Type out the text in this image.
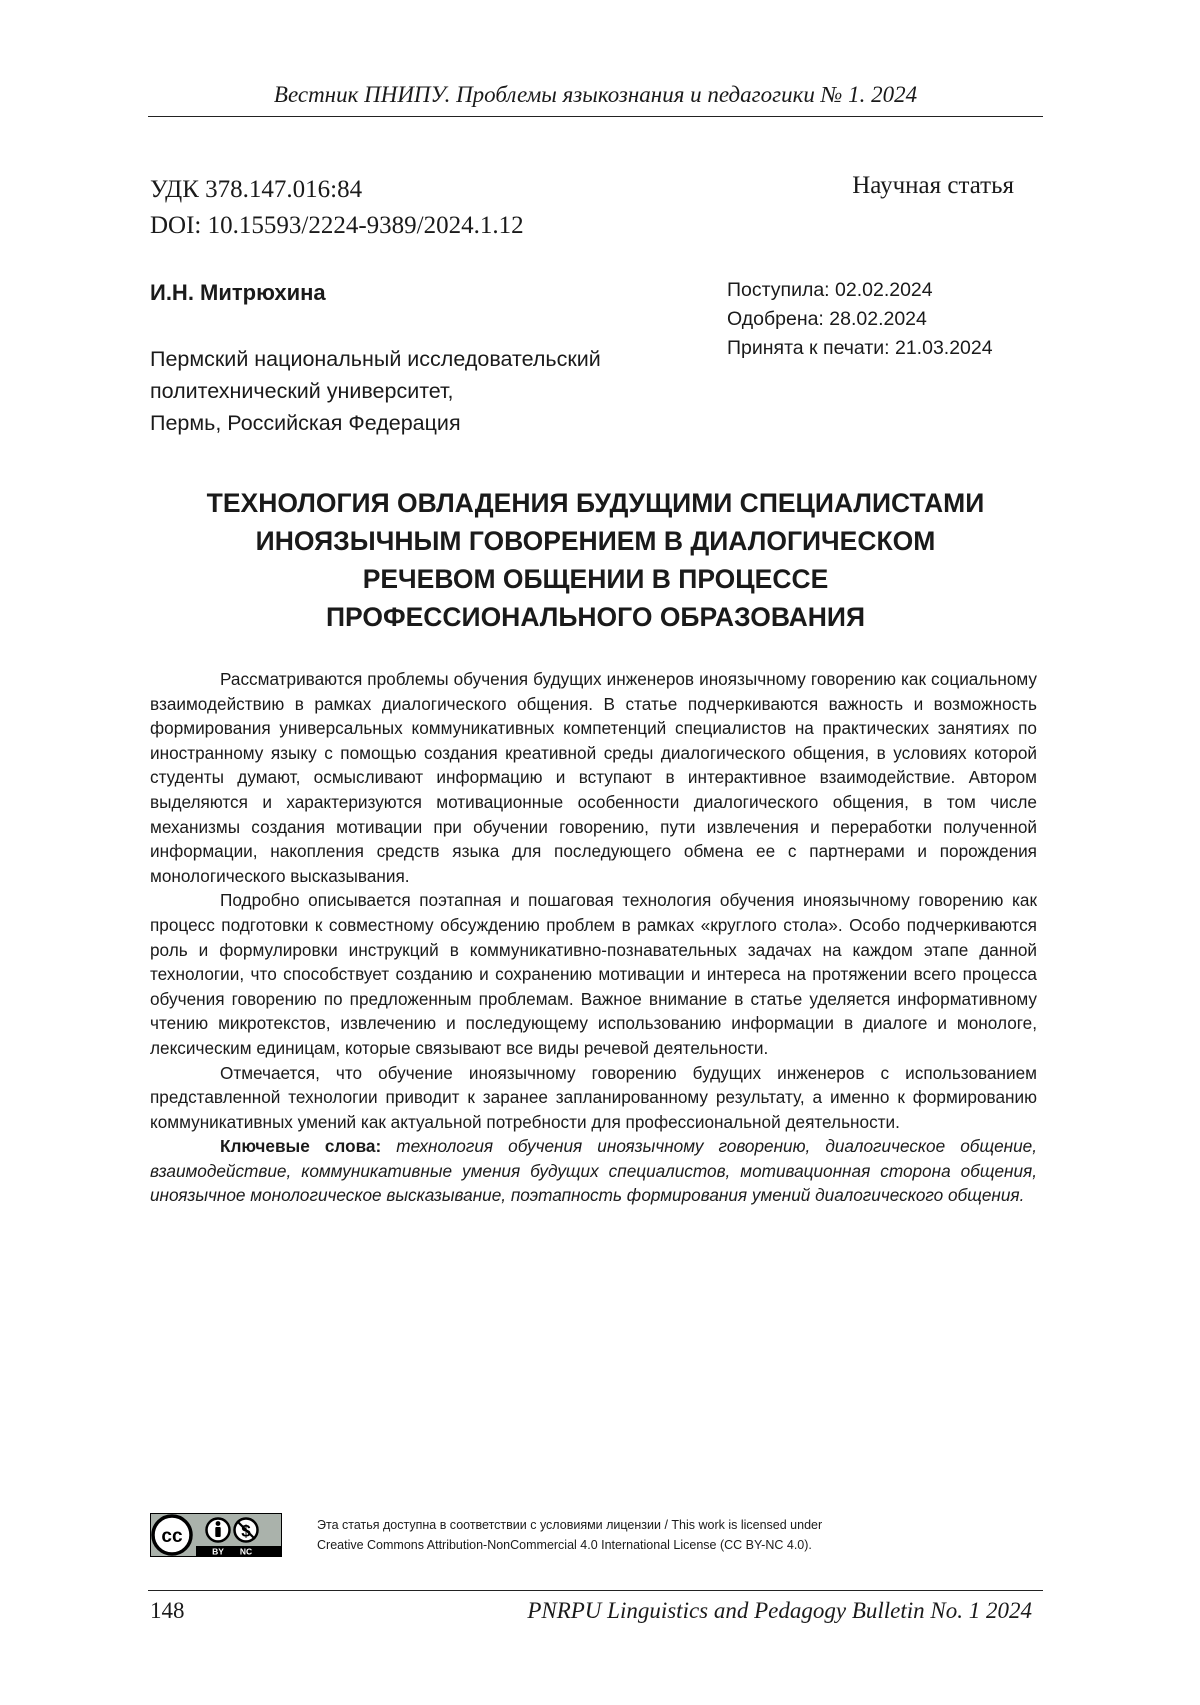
Вестник ПНИПУ. Проблемы языкознания и педагогики № 1. 2024
УДК 378.147.016:84
DOI: 10.15593/2224-9389/2024.1.12
Научная статья
И.Н. Митрюхина
Пермский национальный исследовательский
политехнический университет,
Пермь, Российская Федерация
Поступила: 02.02.2024
Одобрена: 28.02.2024
Принята к печати: 21.03.2024
ТЕХНОЛОГИЯ ОВЛАДЕНИЯ БУДУЩИМИ СПЕЦИАЛИСТАМИ
ИНОЯЗЫЧНЫМ ГОВОРЕНИЕМ В ДИАЛОГИЧЕСКОМ
РЕЧЕВОМ ОБЩЕНИИ В ПРОЦЕССЕ
ПРОФЕССИОНАЛЬНОГО ОБРАЗОВАНИЯ

Рассматриваются проблемы обучения будущих инженеров иноязычному говорению как социальному взаимодействию в рамках диалогического общения. В статье подчеркиваются важность и возможность формирования универсальных коммуникативных компетенций специалистов на практических занятиях по иностранному языку с помощью создания креативной среды диалогического общения, в условиях которой студенты думают, осмысливают информацию и вступают в интерактивное взаимодействие. Автором выделяются и характеризуются мотивационные особенности диалогического общения, в том числе механизмы создания мотивации при обучении говорению, пути извлечения и переработки полученной информации, накопления средств языка для последующего обмена ее с партнерами и порождения монологического высказывания.

Подробно описывается поэтапная и пошаговая технология обучения иноязычному говорению как процесс подготовки к совместному обсуждению проблем в рамках «круглого стола». Особо подчеркиваются роль и формулировки инструкций в коммуникативно-познавательных задачах на каждом этапе данной технологии, что способствует созданию и сохранению мотивации и интереса на протяжении всего процесса обучения говорению по предложенным проблемам. Важное внимание в статье уделяется информативному чтению микротекстов, извлечению и последующему использованию информации в диалоге и монологе, лексическим единицам, которые связывают все виды речевой деятельности.

Отмечается, что обучение иноязычному говорению будущих инженеров с использованием представленной технологии приводит к заранее запланированному результату, а именно к формированию коммуникативных умений как актуальной потребности для профессиональной деятельности.

Ключевые слова: технология обучения иноязычному говорению, диалогическое общение, взаимодействие, коммуникативные умения будущих специалистов, мотивационная сторона общения, иноязычное монологическое высказывание, поэтапность формирования умений диалогического общения.

cc
BY NC
Эта статья доступна в соответствии с условиями лицензии / This work is licensed under
Creative Commons Attribution-NonCommercial 4.0 International License (CC BY-NC 4.0).
148	PNRPU Linguistics and Pedagogy Bulletin No. 1 2024
